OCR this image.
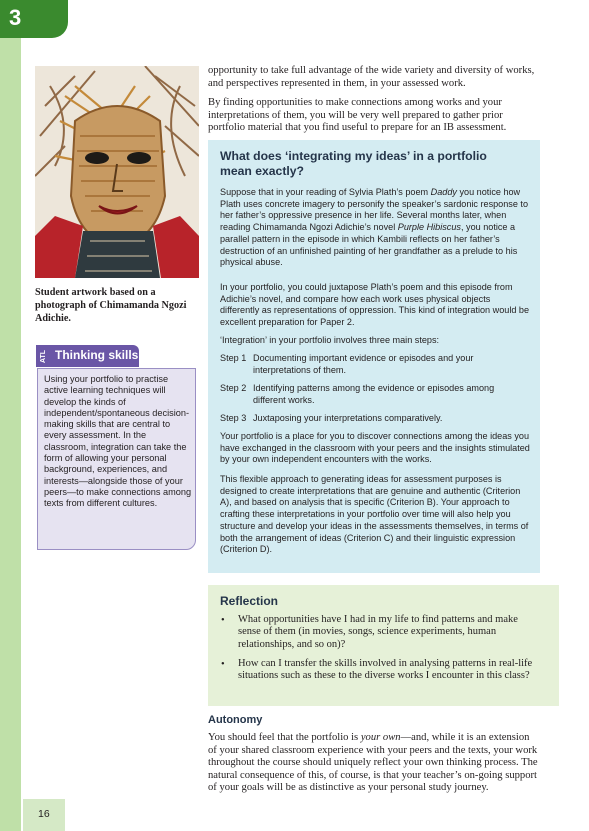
3
Student artwork based on a photograph of Chimamanda Ngozi Adichie.
ATL Thinking skills
Using your portfolio to practise active learning techniques will develop the kinds of independent/spontaneous decision-making skills that are central to every assessment. In the classroom, integration can take the form of allowing your personal background, experiences, and interests—alongside those of your peers—to make connections among texts from different cultures.
opportunity to take full advantage of the wide variety and diversity of works, and perspectives represented in them, in your assessed work.
By finding opportunities to make connections among works and your interpretations of them, you will be very well prepared to gather prior portfolio material that you find useful to prepare for an IB assessment.
What does ‘integrating my ideas’ in a portfolio mean exactly?
Suppose that in your reading of Sylvia Plath’s poem Daddy you notice how Plath uses concrete imagery to personify the speaker’s sardonic response to her father’s oppressive presence in her life. Several months later, when reading Chimamanda Ngozi Adichie’s novel Purple Hibiscus, you notice a parallel pattern in the episode in which Kambili reflects on her father’s destruction of an unfinished painting of her grandfather as a prelude to his physical abuse.
In your portfolio, you could juxtapose Plath’s poem and this episode from Adichie’s novel, and compare how each work uses physical objects differently as representations of oppression. This kind of integration would be excellent preparation for Paper 2.
‘Integration’ in your portfolio involves three main steps:
Step 1 Documenting important evidence or episodes and your interpretations of them.
Step 2 Identifying patterns among the evidence or episodes among different works.
Step 3 Juxtaposing your interpretations comparatively.
Your portfolio is a place for you to discover connections among the ideas you have exchanged in the classroom with your peers and the insights stimulated by your own independent encounters with the works.
This flexible approach to generating ideas for assessment purposes is designed to create interpretations that are genuine and authentic (Criterion A), and based on analysis that is specific (Criterion B). Your approach to crafting these interpretations in your portfolio over time will also help you structure and develop your ideas in the assessments themselves, in terms of both the arrangement of ideas (Criterion C) and their linguistic expression (Criterion D).
Reflection
• What opportunities have I had in my life to find patterns and make sense of them (in movies, songs, science experiments, human relationships, and so on)?
• How can I transfer the skills involved in analysing patterns in real-life situations such as these to the diverse works I encounter in this class?
Autonomy
You should feel that the portfolio is your own—and, while it is an extension of your shared classroom experience with your peers and the texts, your work throughout the course should uniquely reflect your own thinking process. The natural consequence of this, of course, is that your teacher’s on-going support of your goals will be as distinctive as your personal study journey.
16
